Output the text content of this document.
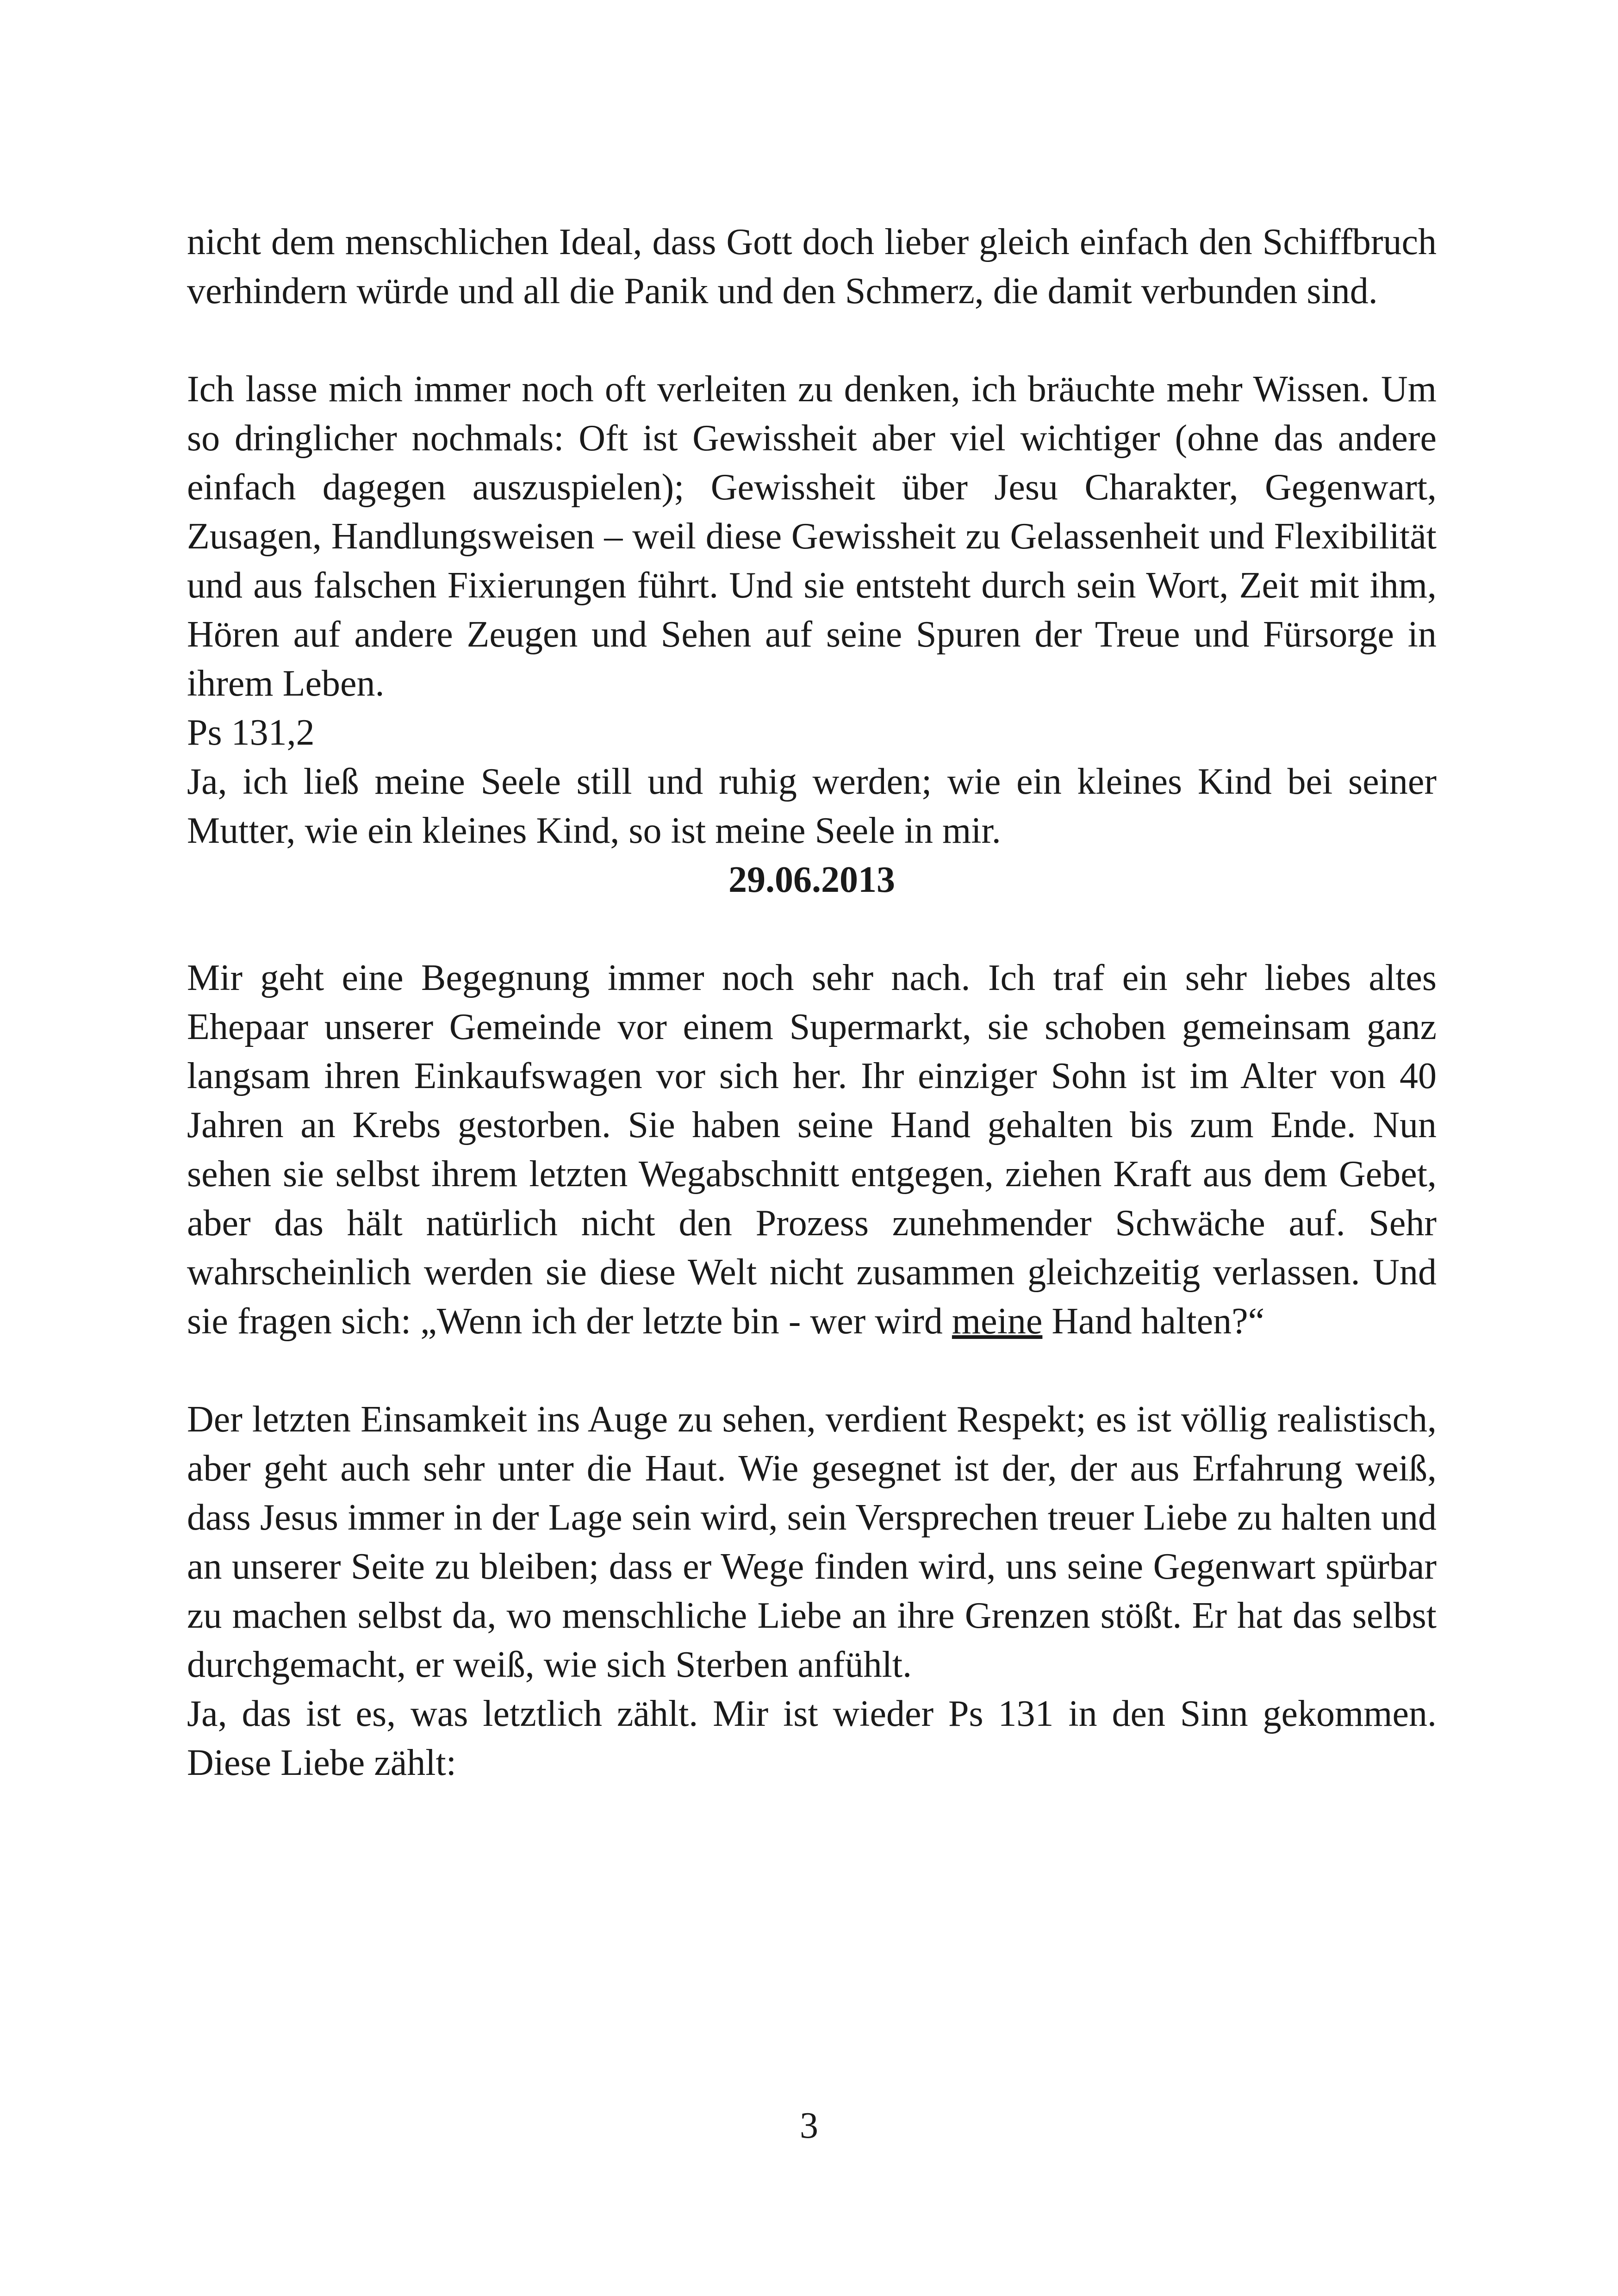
nicht dem menschlichen Ideal, dass Gott doch lieber gleich einfach den Schiffbruch verhindern würde und all die Panik und den Schmerz, die damit verbunden sind.

Ich lasse mich immer noch oft verleiten zu denken, ich bräuchte mehr Wissen. Um so dringlicher nochmals: Oft ist Gewissheit aber viel wichtiger (ohne das andere einfach dagegen auszuspielen); Gewissheit über Jesu Charakter, Gegenwart, Zusagen, Handlungsweisen – weil diese Gewissheit zu Gelassenheit und Flexibilität und aus falschen Fixierungen führt. Und sie entsteht durch sein Wort, Zeit mit ihm, Hören auf andere Zeugen und Sehen auf seine Spuren der Treue und Fürsorge in ihrem Leben.

Ps 131,2

Ja, ich ließ meine Seele still und ruhig werden; wie ein kleines Kind bei seiner Mutter, wie ein kleines Kind, so ist meine Seele in mir.

29.06.2013

Mir geht eine Begegnung immer noch sehr nach. Ich traf ein sehr liebes altes Ehepaar unserer Gemeinde vor einem Supermarkt, sie schoben gemeinsam ganz langsam ihren Einkaufswagen vor sich her. Ihr einziger Sohn ist im Alter von 40 Jahren an Krebs gestorben. Sie haben seine Hand gehalten bis zum Ende. Nun sehen sie selbst ihrem letzten Wegabschnitt entgegen, ziehen Kraft aus dem Gebet, aber das hält natürlich nicht den Prozess zunehmender Schwäche auf. Sehr wahrscheinlich werden sie diese Welt nicht zusammen gleichzeitig verlassen. Und sie fragen sich: „Wenn ich der letzte bin - wer wird meine Hand halten?“

Der letzten Einsamkeit ins Auge zu sehen, verdient Respekt; es ist völlig realistisch, aber geht auch sehr unter die Haut. Wie gesegnet ist der, der aus Erfahrung weiß, dass Jesus immer in der Lage sein wird, sein Versprechen treuer Liebe zu halten und an unserer Seite zu bleiben; dass er Wege finden wird, uns seine Gegenwart spürbar zu machen selbst da, wo menschliche Liebe an ihre Grenzen stößt. Er hat das selbst durchgemacht, er weiß, wie sich Sterben anfühlt.

Ja, das ist es, was letztlich zählt. Mir ist wieder Ps 131 in den Sinn gekommen. Diese Liebe zählt:

3
